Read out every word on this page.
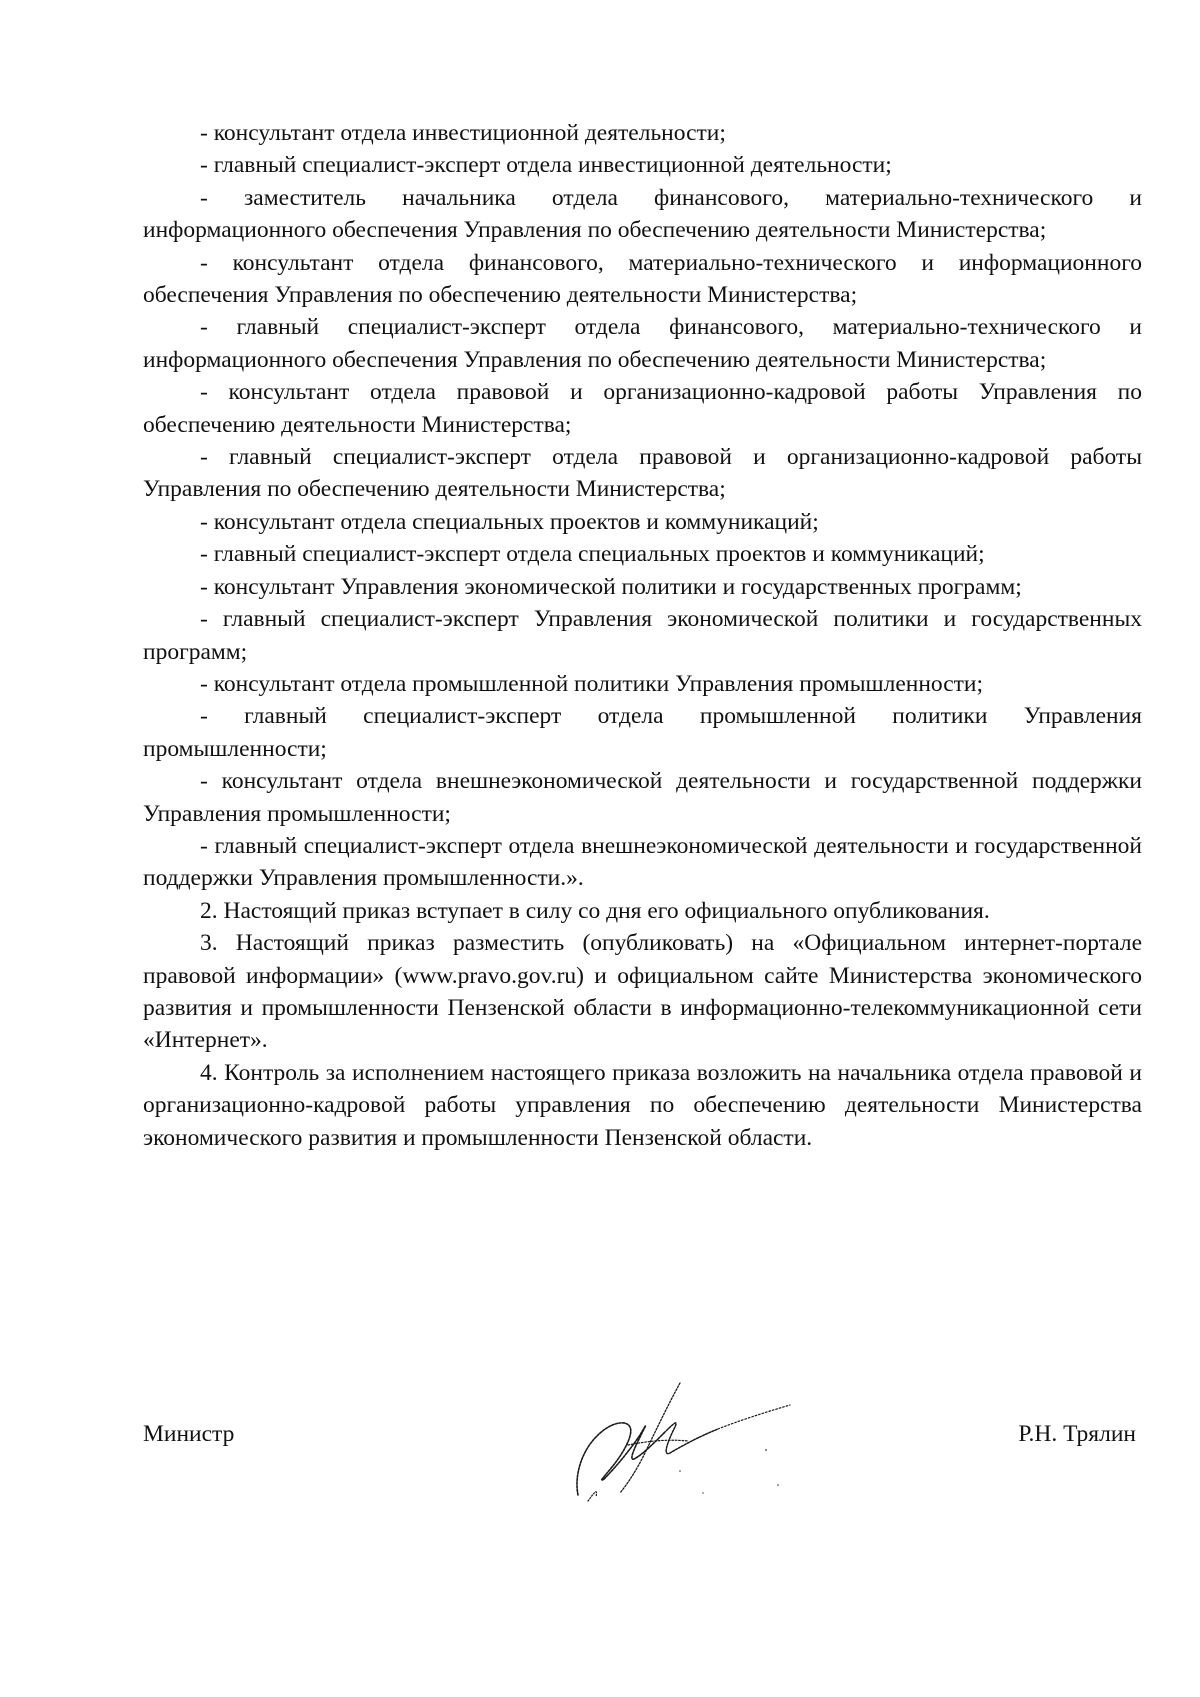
- консультант отдела инвестиционной деятельности;

- главный специалист-эксперт отдела инвестиционной деятельности;

- заместитель начальника отдела финансового, материально-технического и информационного обеспечения Управления по обеспечению деятельности Министерства;

- консультант отдела финансового, материально-технического и информационного обеспечения Управления по обеспечению деятельности Министерства;

- главный специалист-эксперт отдела финансового, материально-технического и информационного обеспечения Управления по обеспечению деятельности Министерства;

- консультант отдела правовой и организационно-кадровой работы Управления по обеспечению деятельности Министерства;

- главный специалист-эксперт отдела правовой и организационно-кадровой работы Управления по обеспечению деятельности Министерства;

- консультант отдела специальных проектов и коммуникаций;

- главный специалист-эксперт отдела специальных проектов и коммуникаций;

- консультант Управления экономической политики и государственных программ;

- главный специалист-эксперт Управления экономической политики и государственных программ;

- консультант отдела промышленной политики Управления промышленности;

- главный специалист-эксперт отдела промышленной политики Управления промышленности;

- консультант отдела внешнеэкономической деятельности и государственной поддержки Управления промышленности;

- главный специалист-эксперт отдела внешнеэкономической деятельности и государственной поддержки Управления промышленности.».

2. Настоящий приказ вступает в силу со дня его официального опубликования.

3. Настоящий приказ разместить (опубликовать) на «Официальном интернет-портале правовой информации» (www.pravo.gov.ru) и официальном сайте Министерства экономического развития и промышленности Пензенской области в информационно-телекоммуникационной сети «Интернет».

4. Контроль за исполнением настоящего приказа возложить на начальника отдела правовой и организационно-кадровой работы управления по обеспечению деятельности Министерства экономического развития и промышленности Пензенской области.

Министр	Р.Н. Трялин
